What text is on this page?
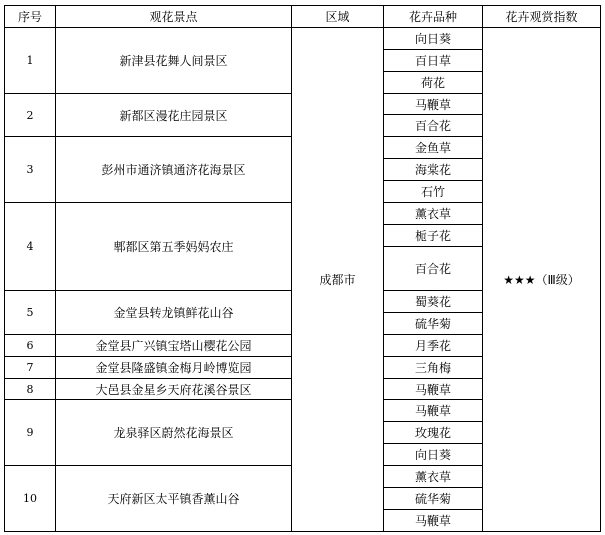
序号	观花景点	区域	花卉品种	花卉观赏指数
1	新津县花舞人间景区	成都市	向日葵	★★★（Ⅲ级）
			百日草	
			荷花	
2	新都区漫花庄园景区		马鞭草	
			百合花	
3	彭州市通济镇通济花海景区		金鱼草	
			海棠花	
			石竹	
4	郫都区第五季妈妈农庄		薰衣草	
			栀子花	
			百合花	
5	金堂县转龙镇鲜花山谷		蜀葵花	
			硫华菊	
6	金堂县广兴镇宝塔山樱花公园		月季花	
7	金堂县隆盛镇金梅月岭博览园		三角梅	
8	大邑县金星乡天府花溪谷景区		马鞭草	
9	龙泉驿区蔚然花海景区		马鞭草	
			玫瑰花	
			向日葵	
10	天府新区太平镇香薰山谷		薰衣草	
			硫华菊	
			马鞭草	
